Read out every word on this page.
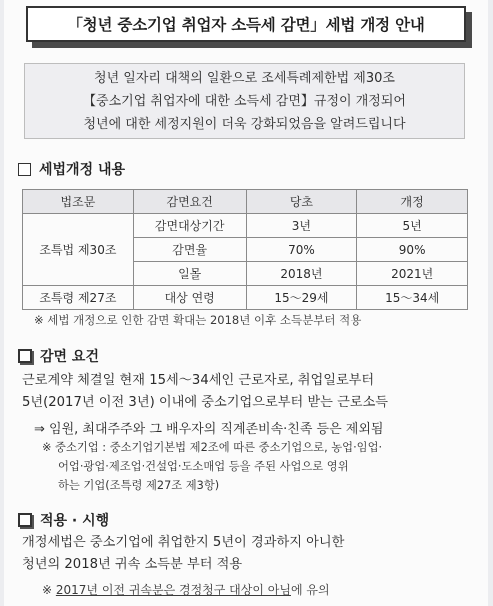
「청년 중소기업 취업자 소득세 감면」세법 개정 안내
청년 일자리 대책의 일환으로 조세특례제한법 제30조
【중소기업 취업자에 대한 소득세 감면】규정이 개정되어
청년에 대한 세정지원이 더욱 강화되었음을 알려드립니다
세법개정 내용
법조문	감면요건	당초	개정
조특법 제30조	감면대상기간	3년	5년
	감면율	70%	90%
	일몰	2018년	2021년
조특령 제27조	대상 연령	15～29세	15～34세
※ 세법 개정으로 인한 감면 확대는 2018년 이후 소득분부터 적용
감면 요건
근로계약 체결일 현재 15세～34세인 근로자로, 취업일로부터
5년(2017년 이전 3년) 이내에 중소기업으로부터 받는 근로소득
⇒ 임원, 최대주주와 그 배우자의 직계존비속·친족 등은 제외됨
※ 중소기업 : 중소기업기본법 제2조에 따른 중소기업으로, 농업·임업·
어업·광업·제조업·건설업·도소매업 등을 주된 사업으로 영위
하는 기업(조특령 제27조 제3항)
적용 · 시행
개정세법은 중소기업에 취업한지 5년이 경과하지 아니한
청년의 2018년 귀속 소득분 부터 적용
※ 2017년 이전 귀속분은 경정청구 대상이 아님에 유의
